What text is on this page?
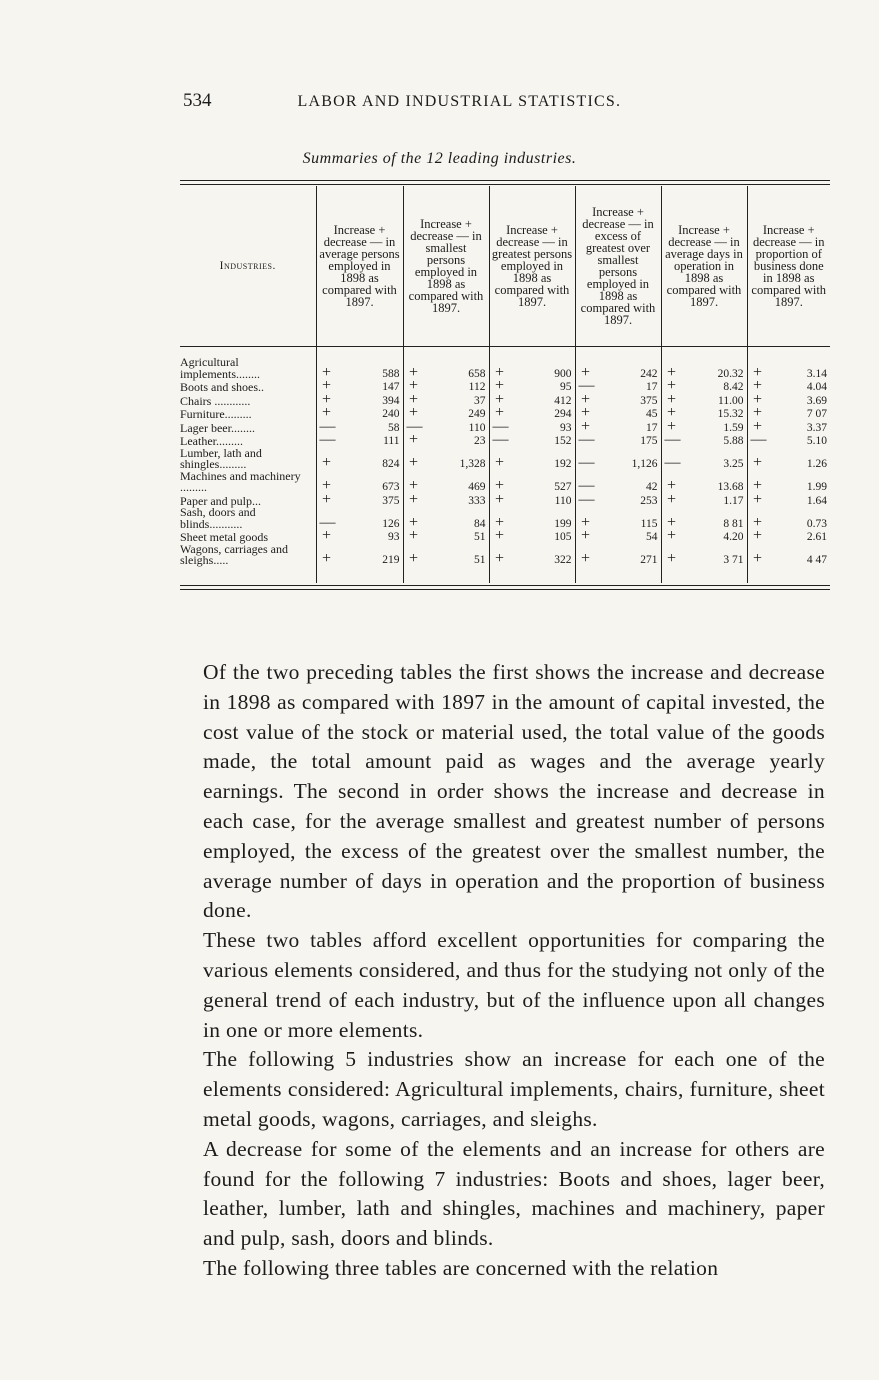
534	LABOR AND INDUSTRIAL STATISTICS.
Summaries of the 12 leading industries.
Industries.	Increase + decrease — in average persons employed in 1898 as compared with 1897.	Increase + decrease — in smallest persons employed in 1898 as compared with 1897.	Increase + decrease — in greatest persons employed in 1898 as compared with 1897.	Increase + decrease — in excess of greatest over smallest persons employed in 1898 as compared with 1897.	Increase + decrease — in average days in operation in 1898 as compared with 1897.	Increase + decrease — in proportion of business done in 1898 as compared with 1897.
Agricultural implements........	+ 588	+ 658	+ 900	+ 242	+ 20.32	+ 3.14

Boots and shoes..	+ 147	+ 112	+ 95	— 17	+ 8.42	+ 4.04

Chairs ............	+ 394	+ 37	+ 412	+ 375	+ 11.00	+ 3.69

Furniture.........	+ 240	+ 249	+ 294	+ 45	+ 15.32	+ 7 07

Lager beer........	— 58	— 110	— 93	+ 17	+ 1.59	+ 3.37

Leather.........	— 111	+ 23	— 152	— 175	— 5.88	— 5.10

Lumber, lath and shingles.........	+ 824	+ 1,328	+ 192	— 1,126	— 3.25	+ 1.26

Machines and machinery .........	+ 673	+ 469	+ 527	— 42	+ 13.68	+ 1.99

Paper and pulp...	+ 375	+ 333	+ 110	— 253	+ 1.17	+ 1.64

Sash, doors and blinds...........	— 126	+ 84	+ 199	+ 115	+ 8 81	+ 0.73

Sheet metal goods	+ 93	+ 51	+ 105	+ 54	+ 4.20	+ 2.61

Wagons, carriages and sleighs.....	+ 219	+ 51	+ 322	+ 271	+ 3 71	+ 4 47

Of the two preceding tables the first shows the increase and decrease in 1898 as compared with 1897 in the amount of capital invested, the cost value of the stock or material used, the total value of the goods made, the total amount paid as wages and the average yearly earnings. The second in order shows the increase and decrease in each case, for the average smallest and greatest number of persons employed, the excess of the greatest over the smallest number, the average number of days in operation and the proportion of business done.

These two tables afford excellent opportunities for comparing the various elements considered, and thus for the studying not only of the general trend of each industry, but of the influence upon all changes in one or more elements.

The following 5 industries show an increase for each one of the elements considered: Agricultural implements, chairs, furniture, sheet metal goods, wagons, carriages, and sleighs.

A decrease for some of the elements and an increase for others are found for the following 7 industries: Boots and shoes, lager beer, leather, lumber, lath and shingles, machines and machinery, paper and pulp, sash, doors and blinds.

The following three tables are concerned with the relation
